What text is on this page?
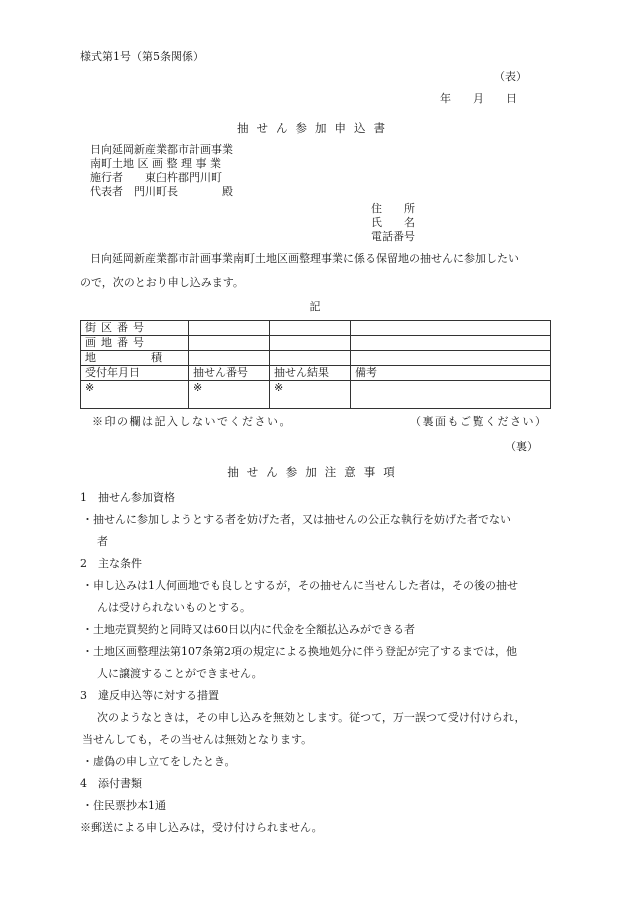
様式第1号（第5条関係）
（表）
年　　月　　日
抽せん参加申込書
日向延岡新産業都市計画事業
南町土地 区 画 整 理 事 業
施行者　　東臼杵郡門川町
代表者　門川町長　　　　殿
住　　所
氏　　名
電話番号
日向延岡新産業都市計画事業南町土地区画整理事業に係る保留地の抽せんに参加したい
ので，次のとおり申し込みます。
記
街区番号			
画地番号			
地　積			
受付年月日	抽せん番号	抽せん結果	備考
※	※	※	
※印の欄は記入しないでください。	（裏面もご覧ください）
（裏）
抽せん参加注意事項
1　抽せん参加資格
・抽せんに参加しようとする者を妨げた者，又は抽せんの公正な執行を妨げた者でない
者
2　主な条件
・申し込みは1人何画地でも良しとするが，その抽せんに当せんした者は，その後の抽せ
んは受けられないものとする。
・土地売買契約と同時又は60日以内に代金を全額払込みができる者
・土地区画整理法第107条第2項の規定による換地処分に伴う登記が完了するまでは，他
人に譲渡することができません。
3　違反申込等に対する措置
次のようなときは，その申し込みを無効とします。従つて，万一誤つて受け付けられ，
当せんしても，その当せんは無効となります。
・虚偽の申し立てをしたとき。
4　添付書類
・住民票抄本1通
※郵送による申し込みは，受け付けられません。
